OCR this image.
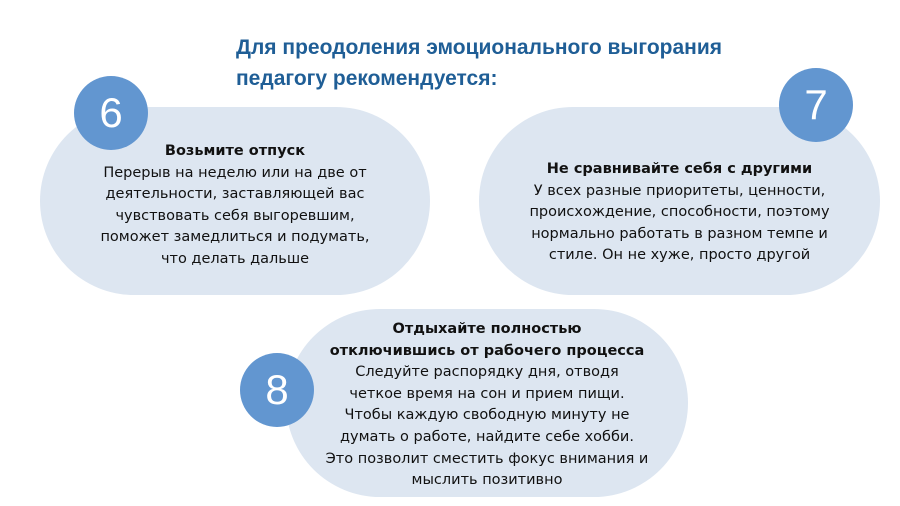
Для преодоления эмоционального выгорания
педагогу рекомендуется:
Возьмите отпуск
Перерыв на неделю или на две от
деятельности, заставляющей вас
чувствовать себя выгоревшим,
поможет замедлиться и подумать,
что делать дальше
6
Не сравнивайте себя с другими
У всех разные приоритеты, ценности,
происхождение, способности, поэтому
нормально работать в разном темпе и
стиле. Он не хуже, просто другой
7
Отдыхайте полностью
отключившись от рабочего процесса
Следуйте распорядку дня, отводя
четкое время на сон и прием пищи.
Чтобы каждую свободную минуту не
думать о работе, найдите себе хобби.
Это позволит сместить фокус внимания и
мыслить позитивно
8
